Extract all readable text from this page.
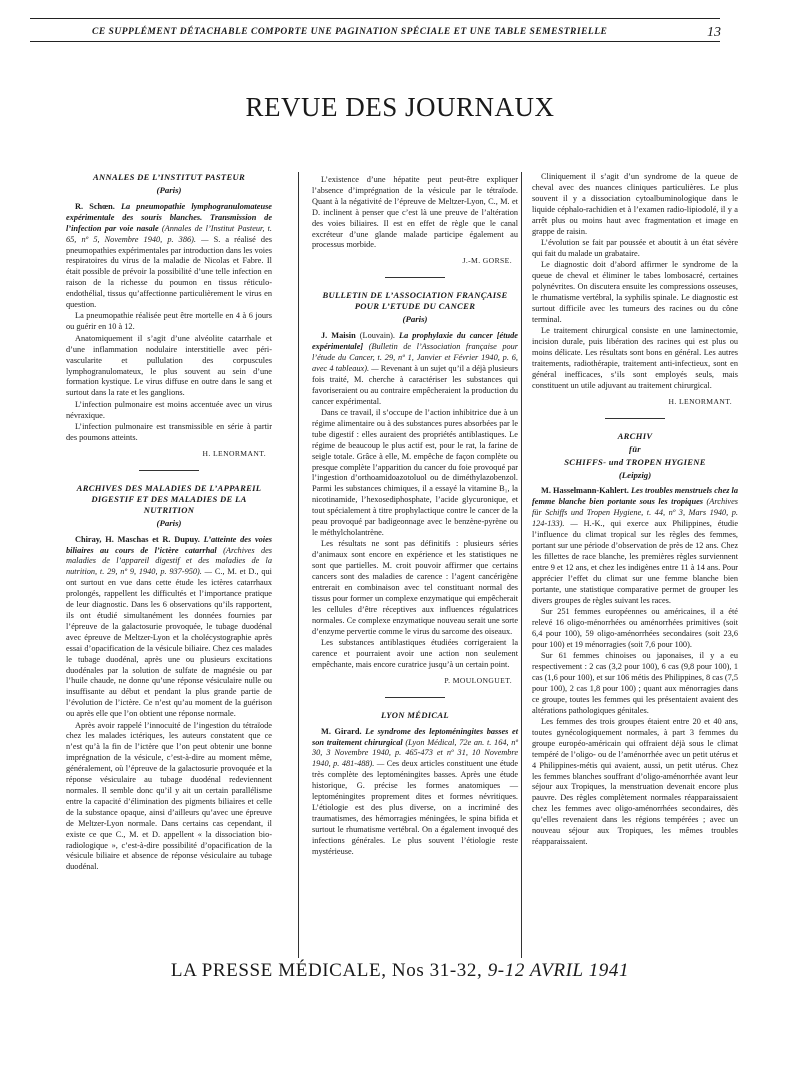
CE SUPPLÉMENT DÉTACHABLE COMPORTE UNE PAGINATION SPÉCIALE ET UNE TABLE SEMESTRIELLE	13
REVUE DES JOURNAUX
ANNALES DE L’INSTITUT PASTEUR
(Paris)

R. Schœn. La pneumopathie lymphogranulomateuse expérimentale des souris blanches. Transmission de l’infection par voie nasale (Annales de l’Institut Pasteur, t. 65, nº 5, Novembre 1940, p. 386). — S. a réalisé des pneumopathies expérimentales par introduction dans les voies respiratoires du virus de la maladie de Nicolas et Fabre. Il était possible de prévoir la possibilité d’une telle infection en raison de la richesse du poumon en tissus réticulo-endothélial, tissus qu’affectionne particulièrement le virus en question.

La pneumopathie réalisée peut être mortelle en 4 à 6 jours ou guérir en 10 à 12.

Anatomiquement il s’agit d’une alvéolite catarrhale et d’une inflammation nodulaire interstitielle avec péri-vascularite et pullulation des corpuscules lymphogranulomateux, le plus souvent au sein d’une formation kystique. Le virus diffuse en outre dans le sang et surtout dans la rate et les ganglions.

L’infection pulmonaire est moins accentuée avec un virus névraxique.

L’infection pulmonaire est transmissible en série à partir des poumons atteints.

H. LENORMANT.
ARCHIVES DES MALADIES DE L’APPAREIL DIGESTIF ET DES MALADIES DE LA NUTRITION
(Paris)

Chiray, H. Maschas et R. Dupuy. L’atteinte des voies biliaires au cours de l’ictère catarrhal (Archives des maladies de l’appareil digestif et des maladies de la nutrition, t. 29, nº 9, 1940, p. 937-950). — C., M. et D., qui ont surtout en vue dans cette étude les ictères catarrhaux prolongés, rappellent les difficultés et l’importance pratique de leur diagnostic. Dans les 6 observations qu’ils rapportent, ils ont étudié simultanément les données fournies par l’épreuve de la galactosurie provoquée, le tubage duodénal avec épreuve de Meltzer-Lyon et la cholécystographie après essai d’opacification de la vésicule biliaire. Chez ces malades le tubage duodénal, après une ou plusieurs excitations duodénales par la solution de sulfate de magnésie ou par l’huile chaude, ne donne qu’une réponse vésiculaire nulle ou insuffisante au début et pendant la plus grande partie de l’évolution de l’ictère. Ce n’est qu’au moment de la guérison ou après elle que l’on obtient une réponse normale.

Après avoir rappelé l’innocuité de l’ingestion du tétraïode chez les malades ictériques, les auteurs constatent que ce n’est qu’à la fin de l’ictère que l’on peut obtenir une bonne imprégnation de la vésicule, c’est-à-dire au moment même, généralement, où l’épreuve de la galactosurie provoquée et la réponse vésiculaire au tubage duodénal redeviennent normales. Il semble donc qu’il y ait un certain parallélisme entre la capacité d’élimination des pigments biliaires et celle de la substance opaque, ainsi d’ailleurs qu’avec une épreuve de Meltzer-Lyon normale. Dans certains cas cependant, il existe ce que C., M. et D. appellent « la dissociation bio-radiologique », c’est-à-dire possibilité d’opacification de la vésicule biliaire et absence de réponse vésiculaire au tubage duodénal.

L’existence d’une hépatite peut peut-être expliquer l’absence d’imprégnation de la vésicule par le tétraïode. Quant à la négativité de l’épreuve de Meltzer-Lyon, C., M. et D. inclinent à penser que c’est là une preuve de l’altération des voies biliaires. Il est en effet de règle que le canal excréteur d’une glande malade participe également au processus morbide.

J.-M. GORSE.
BULLETIN DE L’ASSOCIATION FRANÇAISE POUR L’ETUDE DU CANCER
(Paris)

J. Maisin (Louvain). La prophylaxie du cancer [étude expérimentale] (Bulletin de l’Association française pour l’étude du Cancer, t. 29, nº 1, Janvier et Février 1940, p. 6, avec 4 tableaux). — Revenant à un sujet qu’il a déjà plusieurs fois traité, M. cherche à caractériser les substances qui favoriseraient ou au contraire empêcheraient la production du cancer expérimental.

Dans ce travail, il s’occupe de l’action inhibitrice due à un régime alimentaire ou à des substances pures absorbées par le tube digestif : elles auraient des propriétés antiblastiques. Le régime de beaucoup le plus actif est, pour le rat, la farine de seigle totale. Grâce à elle, M. empêche de façon complète ou presque complète l’apparition du cancer du foie provoqué par l’ingestion d’orthoamidoazotoluol ou de diméthylazobenzol. Parmi les substances chimiques, il a essayé la vitamine B₁, la nicotinamide, l’hexosediphosphate, l’acide glycuronique, et tout spécialement à titre prophylactique contre le cancer de la peau provoqué par badigeonnage avec le benzène-pyrène ou le méthylcholantrène.

Les résultats ne sont pas définitifs : plusieurs séries d’animaux sont encore en expérience et les statistiques ne sont que partielles. M. croit pouvoir affirmer que certains cancers sont des maladies de carence : l’agent cancérigène entrerait en combinaison avec tel constituant normal des tissus pour former un complexe enzymatique qui empêcherait les cellules d’être réceptives aux influences régulatrices normales. Ce complexe enzymatique nouveau serait une sorte d’enzyme pervertie comme le virus du sarcome des oiseaux.

Les substances antiblastiques étudiées corrigeraient la carence et pourraient avoir une action non seulement empêchante, mais encore curatrice jusqu’à un certain point.

P. MOULONGUET.
LYON MÉDICAL

M. Girard. Le syndrome des leptoméningites basses et son traitement chirurgical (Lyon Médical, 72e an. t. 164, nº 30, 3 Novembre 1940, p. 465-473 et nº 31, 10 Novembre 1940, p. 481-488). — Ces deux articles constituent une étude très complète des leptoméningites basses. Après une étude historique, G. précise les formes anatomiques — leptoméningites proprement dites et formes névritiques. L’étiologie est des plus diverse, on a incriminé des traumatismes, des hémorragies méningées, le spina bifida et surtout le rhumatisme vertébral. On a également invoqué des infections générales. Le plus souvent l’étiologie reste mystérieuse.

Cliniquement il s’agit d’un syndrome de la queue de cheval avec des nuances cliniques particulières. Le plus souvent il y a dissociation cytoalbuminologique dans le liquide céphalo-rachidien et à l’examen radio-lipiodolé, il y a arrêt plus ou moins haut avec fragmentation et image en grappe de raisin.

L’évolution se fait par poussée et aboutit à un état sévère qui fait du malade un grabataire.

Le diagnostic doit d’abord affirmer le syndrome de la queue de cheval et éliminer le tabes lombosacré, certaines polynévrites. On discutera ensuite les compressions osseuses, le rhumatisme vertébral, la syphilis spinale. Le diagnostic est surtout difficile avec les tumeurs des racines ou du cône terminal.

Le traitement chirurgical consiste en une laminectomie, incision durale, puis libération des racines qui est plus ou moins délicate. Les résultats sont bons en général. Les autres traitements, radiothérapie, traitement anti-infectieux, sont en général inefficaces, s’ils sont employés seuls, mais constituent un utile adjuvant au traitement chirurgical.

H. LENORMANT.
ARCHIV
für
SCHIFFS- und TROPEN HYGIENE
(Leipzig)

M. Hasselmann-Kahlert. Les troubles menstruels chez la femme blanche bien portante sous les tropiques (Archives für Schiffs und Tropen Hygiene, t. 44, nº 3, Mars 1940, p. 124-133). — H.-K., qui exerce aux Philippines, étudie l’influence du climat tropical sur les règles des femmes, portant sur une période d’observation de près de 12 ans. Chez les fillettes de race blanche, les premières règles surviennent entre 9 et 12 ans, et chez les indigènes entre 11 à 14 ans. Pour apprécier l’effet du climat sur une femme blanche bien portante, une statistique comparative permet de grouper les divers groupes de règles suivant les races.

Sur 251 femmes européennes ou américaines, il a été relevé 16 oligo-ménorrhées ou aménorrhées primitives (soit 6,4 pour 100), 59 oligo-aménorrhées secondaires (soit 23,6 pour 100) et 19 ménorragies (soit 7,6 pour 100).

Sur 61 femmes chinoises ou japonaises, il y a eu respectivement : 2 cas (3,2 pour 100), 6 cas (9,8 pour 100), 1 cas (1,6 pour 100), et sur 106 métis des Philippines, 8 cas (7,5 pour 100), 2 cas 1,8 pour 100) ; quant aux ménorragies dans ce groupe, toutes les femmes qui les présentaient avaient des altérations pathologiques génitales.

Les femmes des trois groupes étaient entre 20 et 40 ans, toutes gynécologiquement normales, à part 3 femmes du groupe européo-américain qui offraient déjà sous le climat tempéré de l’oligo- ou de l’aménorrhée avec un petit utérus et 4 Philippines-métis qui avaient, aussi, un petit utérus. Chez les femmes blanches souffrant d’oligo-aménorrhée avant leur séjour aux Tropiques, la menstruation devenait encore plus pauvre. Des règles complètement normales réapparaissaient chez les femmes avec oligo-aménorrhées secondaires, dès qu’elles revenaient dans les régions tempérées ; avec un nouveau séjour aux Tropiques, les mêmes troubles réapparaissaient.

LA PRESSE MÉDICALE, Nos 31-32, 9-12 AVRIL 1941
